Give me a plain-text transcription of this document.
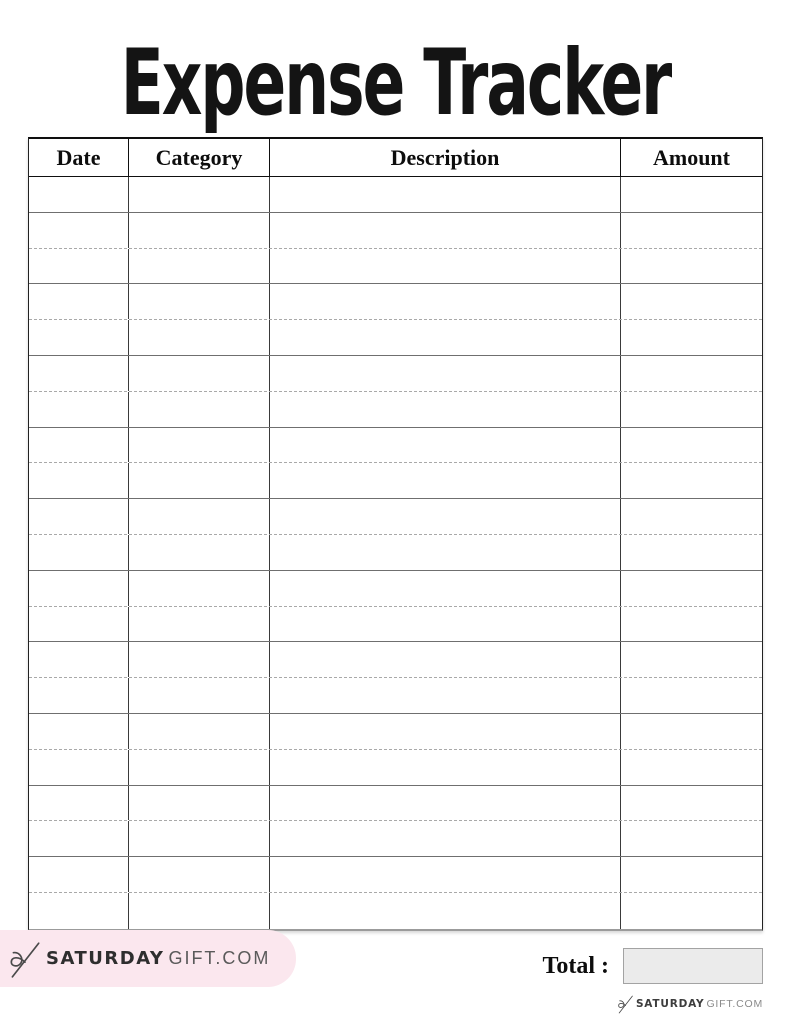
Expense Tracker
Date	Category	Description	Amount
SATURDAY GIFT.COM	Total :
SATURDAY GIFT.COM
